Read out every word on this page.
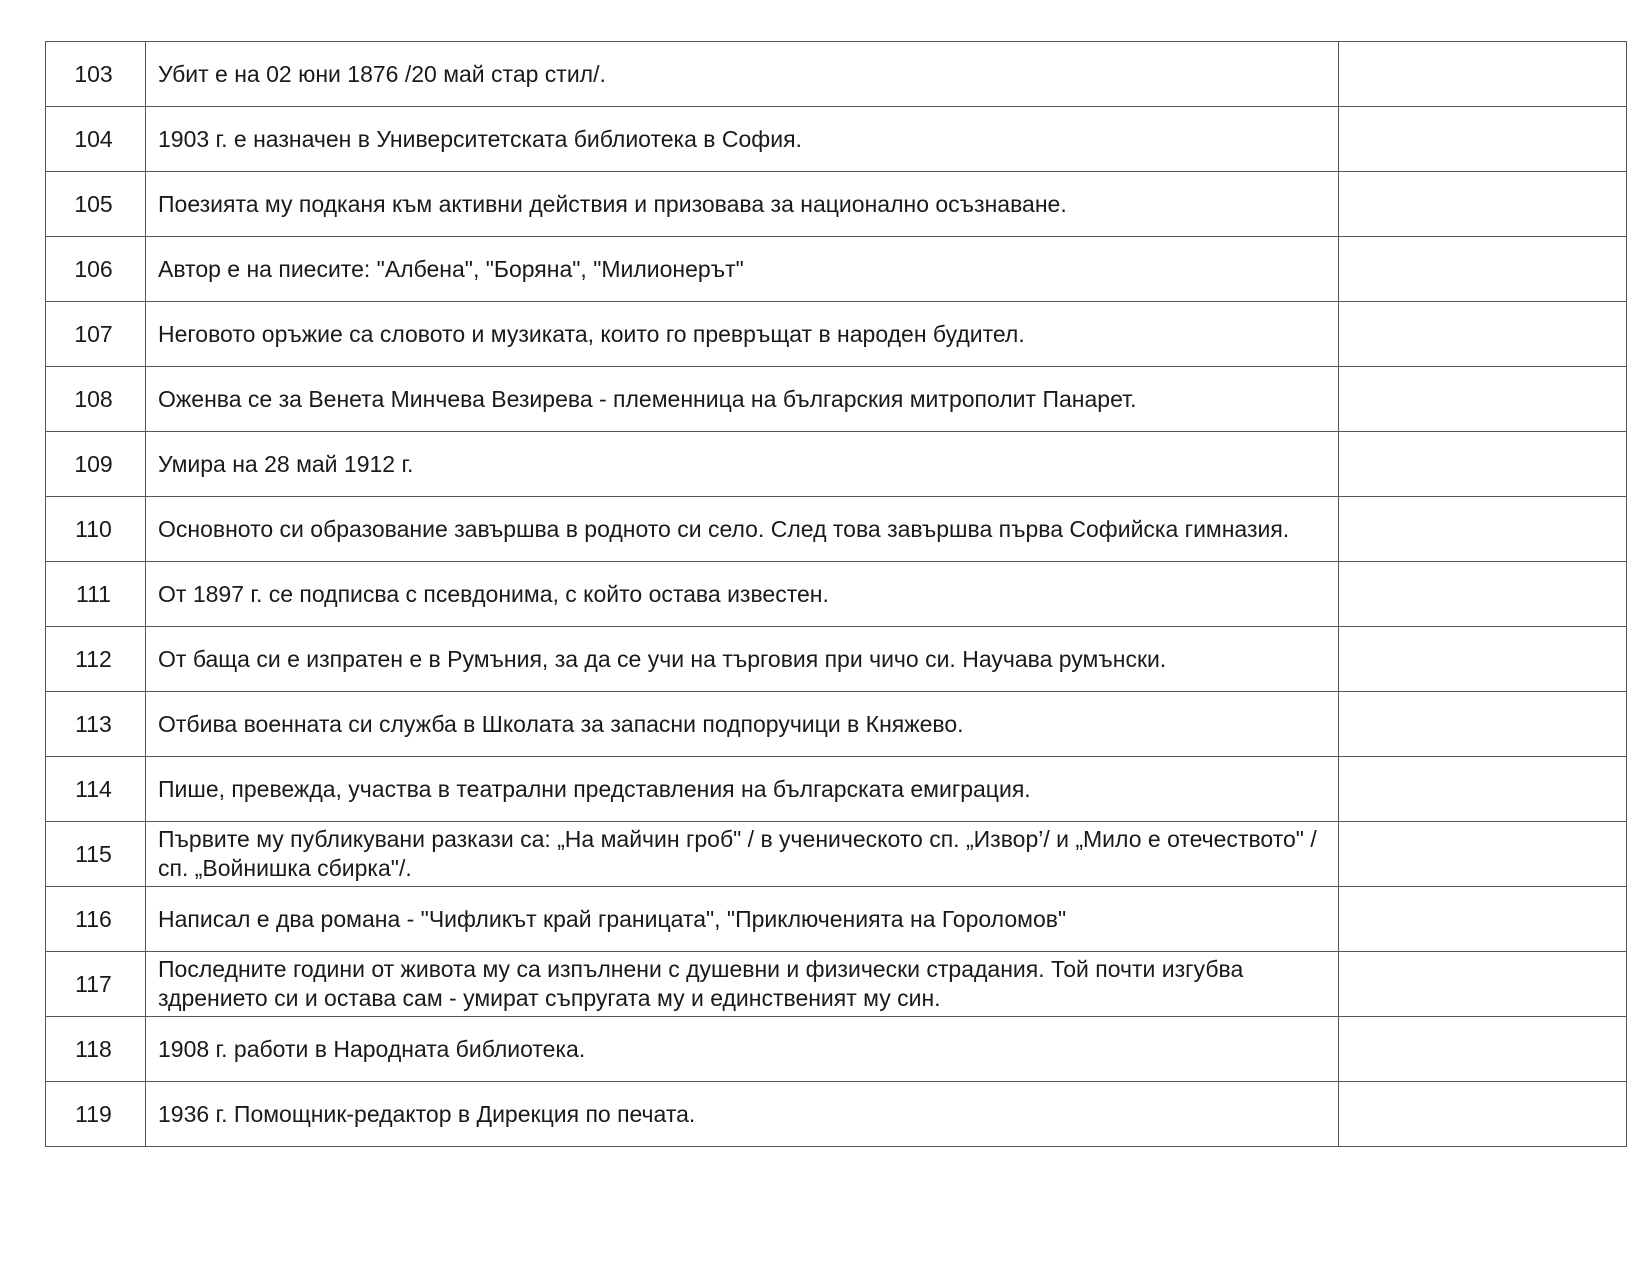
103	Убит е на 02 юни 1876 /20 май стар стил/.	
104	1903 г. е назначен в Университетската библиотека в София.	
105	Поезията му подканя към активни действия и призовава за национално осъзнаване.	
106	Автор е на пиесите: "Албена", "Боряна", "Милионерът"	
107	Неговото оръжие са словото и музиката, които го превръщат в народен будител.	
108	Оженва се за Венета Минчева Везирева - племенница на българския митрополит Панарет.	
109	Умира на 28 май 1912 г.	
110	Основното си образование завършва в родното си село. След това завършва първа Софийска гимназия.	
111	От 1897 г. се подписва с псевдонима, с който остава известен.	
112	От баща си е изпратен е в Румъния, за да се учи на търговия при чичо си. Научава румънски.	
113	Отбива военната си служба в Школата за запасни подпоручици в Княжево.	
114	Пише, превежда, участва в театрални представления на българската емиграция.	
115	Първите му публикувани разкази са: „На майчин гроб" / в ученическото сп. „Извор’/ и „Мило е отечеството" /сп. „Войнишка сбирка"/.	
116	Написал е два романа - "Чифликът край границата", "Приключенията на Гороломов"	
117	Последните години от живота му са изпълнени с душевни и физически страдания. Той почти изгубва здрението си и остава сам - умират съпругата му и единственият му син.	
118	1908 г. работи в Народната библиотека.	
119	1936 г. Помощник-редактор в Дирекция по печата.	
